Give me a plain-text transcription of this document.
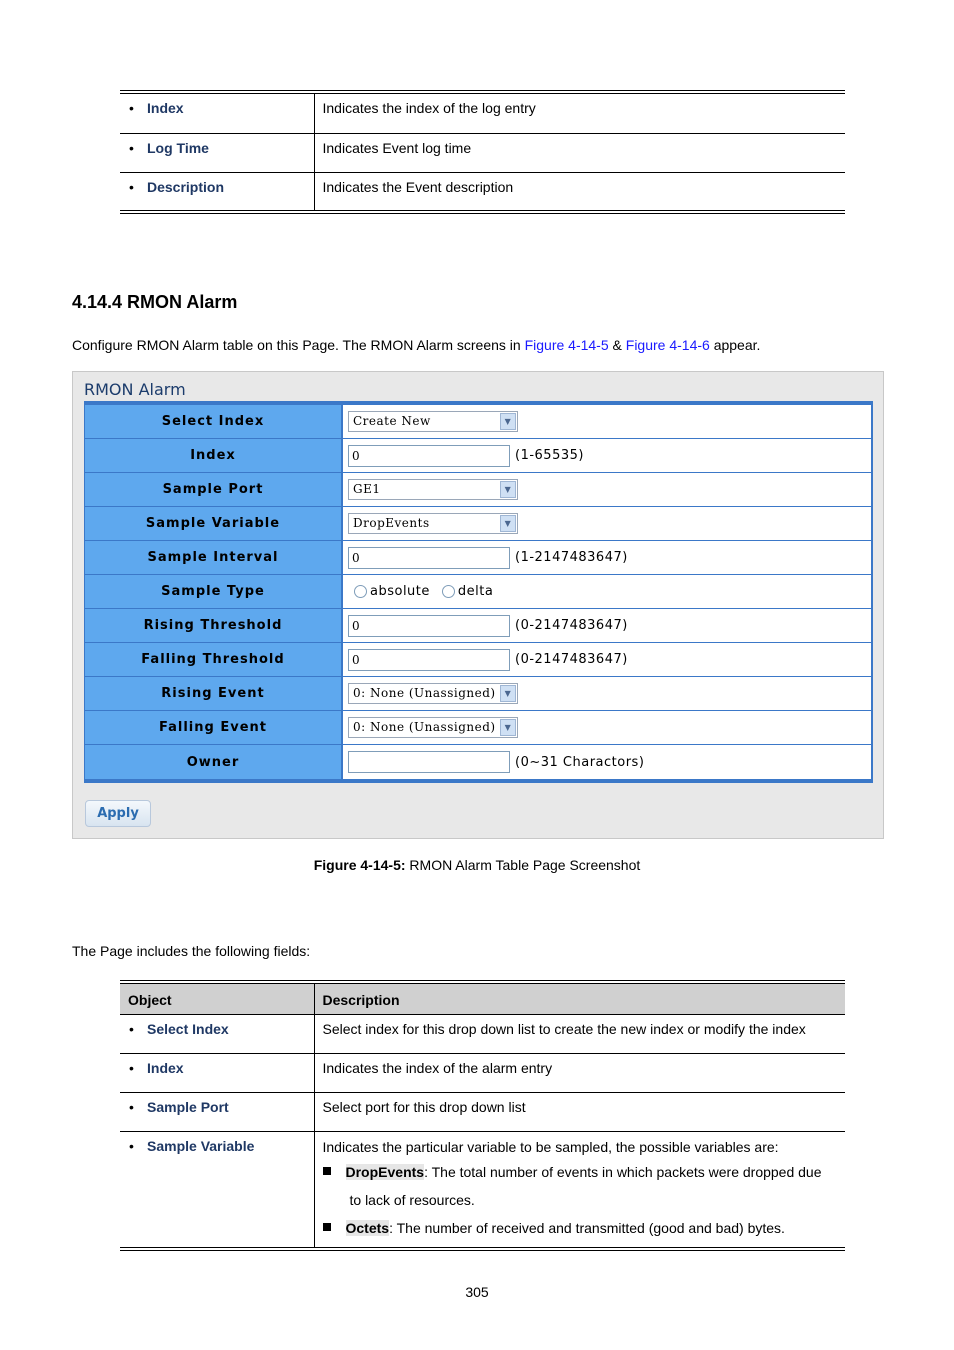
• Index	Indicates the index of the log entry
• Log Time	Indicates Event log time
• Description	Indicates the Event description
4.14.4 RMON Alarm
Configure RMON Alarm table on this Page. The RMON Alarm screens in Figure 4-14-5 & Figure 4-14-6 appear.
RMON Alarm
Select Index	Create New	▼
Index	0	(1-65535)
Sample Port	GE1	▼
Sample Variable	DropEvents	▼
Sample Interval	0	(1-2147483647)
Sample Type	absolute delta
Rising Threshold	0	(0-2147483647)
Falling Threshold	0	(0-2147483647)
Rising Event	0: None (Unassigned)	▼
Falling Event	0: None (Unassigned)	▼
Owner	(0~31 Charactors)
Apply
Figure 4-14-5: RMON Alarm Table Page Screenshot
The Page includes the following fields:
Object	Description
• Select Index	Select index for this drop down list to create the new index or modify the index
• Index	Indicates the index of the alarm entry
• Sample Port	Select port for this drop down list
• Sample Variable	Indicates the particular variable to be sampled, the possible variables are:
DropEvents: The total number of events in which packets were dropped due to lack of resources.
Octets: The number of received and transmitted (good and bad) bytes.
305
